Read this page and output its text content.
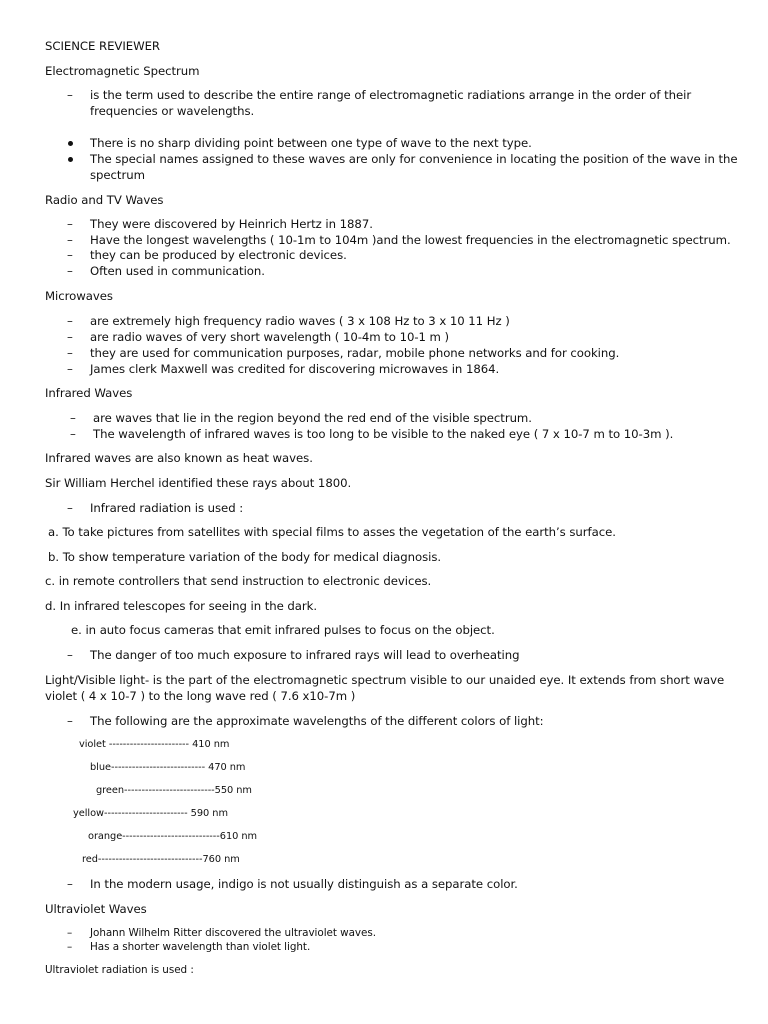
SCIENCE REVIEWER
Electromagnetic Spectrum
– is the term used to describe the entire range of electromagnetic radiations arrange in the order of their
frequencies or wavelengths.
There is no sharp dividing point between one type of wave to the next type.
The special names assigned to these waves are only for convenience in locating the position of the wave in the
spectrum
Radio and TV Waves
– They were discovered by Heinrich Hertz in 1887.
– Have the longest wavelengths ( 10-1m to 104m )and the lowest frequencies in the electromagnetic spectrum.
– they can be produced by electronic devices.
– Often used in communication.
Microwaves
– are extremely high frequency radio waves ( 3 x 108 Hz to 3 x 10 11 Hz )
– are radio waves of very short wavelength ( 10-4m to 10-1 m )
– they are used for communication purposes, radar, mobile phone networks and for cooking.
– James clerk Maxwell was credited for discovering microwaves in 1864.
Infrared Waves
– are waves that lie in the region beyond the red end of the visible spectrum.
– The wavelength of infrared waves is too long to be visible to the naked eye ( 7 x 10-7 m to 10-3m ).
Infrared waves are also known as heat waves.
Sir William Herchel identified these rays about 1800.
– Infrared radiation is used :
a. To take pictures from satellites with special films to asses the vegetation of the earth’s surface.
b. To show temperature variation of the body for medical diagnosis.
c. in remote controllers that send instruction to electronic devices.
d. In infrared telescopes for seeing in the dark.
e. in auto focus cameras that emit infrared pulses to focus on the object.
– The danger of too much exposure to infrared rays will lead to overheating
Light/Visible light- is the part of the electromagnetic spectrum visible to our unaided eye. It extends from short wave
violet ( 4 x 10-7 ) to the long wave red ( 7.6 x10-7m )
– The following are the approximate wavelengths of the different colors of light:
violet ----------------------- 410 nm
blue--------------------------- 470 nm
green--------------------------550 nm
yellow------------------------ 590 nm
orange----------------------------610 nm
red------------------------------760 nm
– In the modern usage, indigo is not usually distinguish as a separate color.
Ultraviolet Waves
– Johann Wilhelm Ritter discovered the ultraviolet waves.
– Has a shorter wavelength than violet light.
Ultraviolet radiation is used :
